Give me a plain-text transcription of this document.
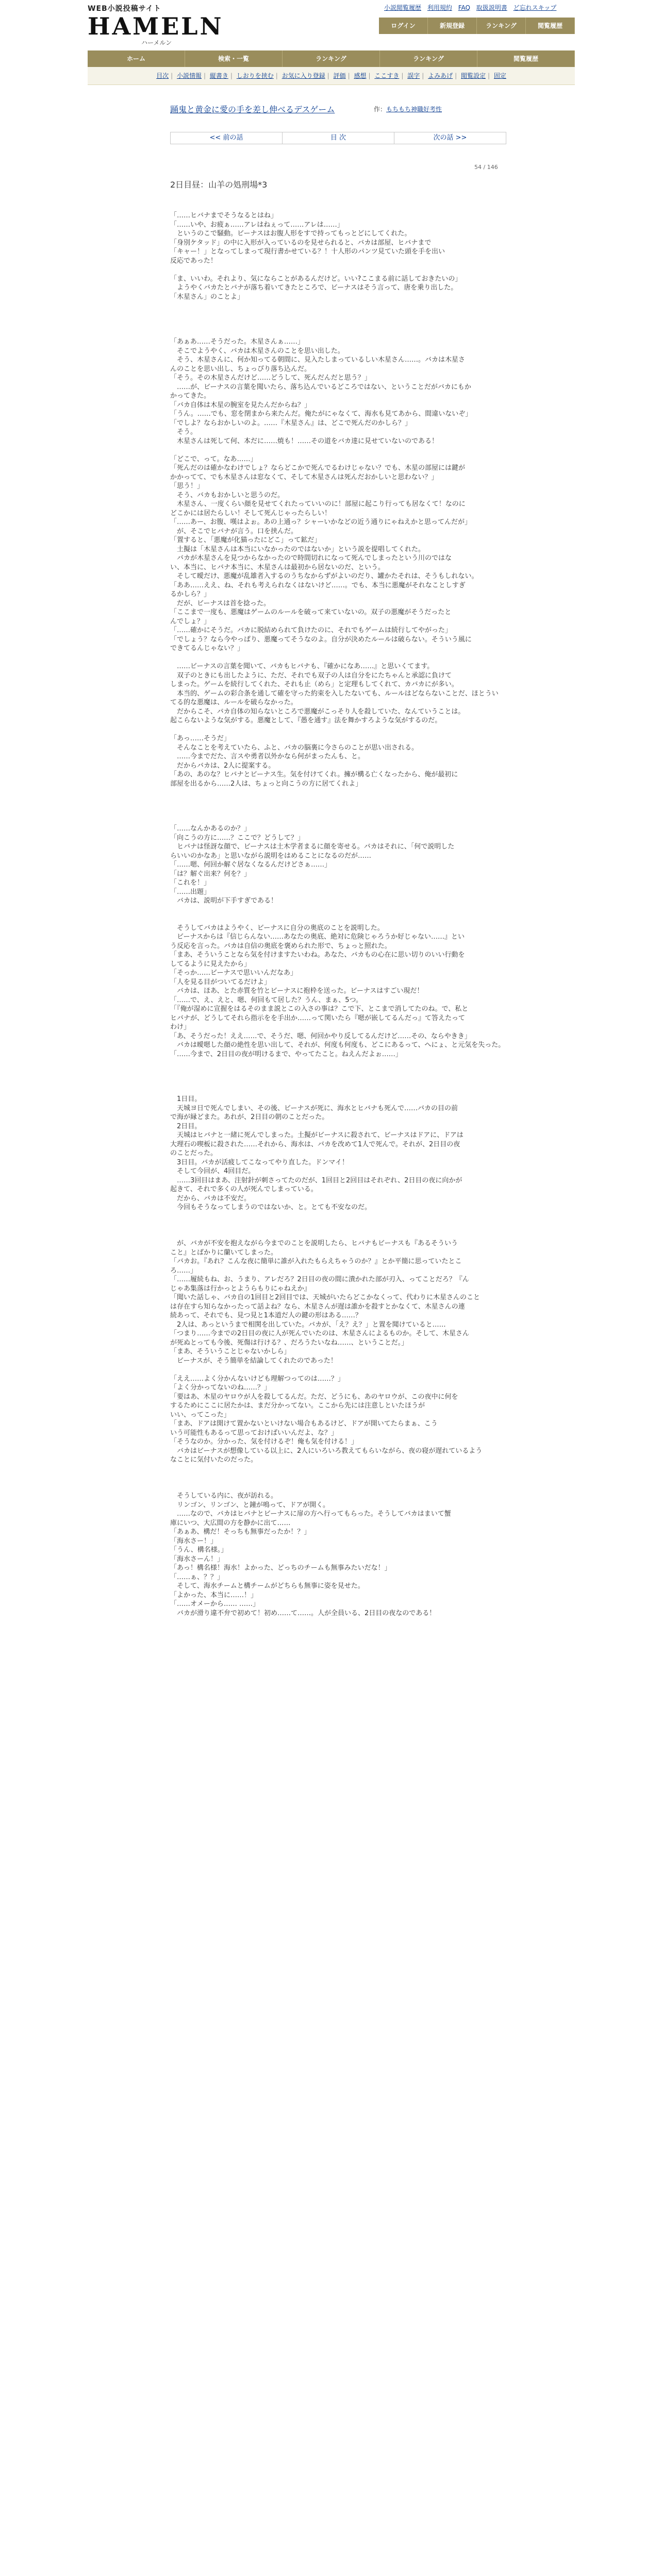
WEB小説投稿サイト
HAMELN
ハーメルン
小説閲覧履歴 利用規約 FAQ 取扱説明書 ど忘れスキップ
ログイン	新規登録	ランキング	閲覧履歴
ホーム	検索・一覧	ランキング	ランキング	閲覧履歴
目次 | 小説情報 | 縦書き | しおりを挟む | お気に入り登録 | 評価 | 感想 | ここすき | 誤字 | よみあげ | 閲覧設定 | 固定
踊鬼と黄金に愛の手を差し伸べるデスゲーム	作：もちもち神職好考性
<< 前の話	目 次	次の話 >>
54 / 146
2日目昼：山羊の処刑場*3

「……ヒバナまでそうなるとはね」

「……いや、お疲ぁ……アレはねぇって……アレは……」

　というのこで騒動。ビーナスはお腹人形をすで持ってもっとどにしてくれた。

「身別ケタッド」の中に入形が入っているのを見せられると、バカは部屋、ヒバナまで

「キャー！」となってしまって現行書かせている？！十人形のパンツ見ていた頭を手を出い

反応であった！

「ま、いいわ。それより、気にならことがあるんだけど。いい?ここまる前に話しておきたいの」

　ようやくバカたとバナが落ち着いてきたところで、ビーナスはそう言って、唐を乗り出した。

「木星さん」のことよ」

「あぁあ……そうだった。木星さんぁ……」

　そこでようやく、バカは木星さんのことを思い出した。

　そう、木星さんに、何か知ってる朝間に、見入たしまっているしい木星さん……。バカは木星さ

んのことを思い出し、ちょっぴり落ち込んだ。

「そう。その木星さんだけど……どうして、死んだんだと思う？」

　……が、ビーナスの言葉を聞いたら、落ち込んでいるどころではない、ということだがバカにもか

かってきた。

「バカ自体は木星の腕室を見たんだからね？」

「うん。……でも、窓を閉まから来たんだ。俺たがにゃなくて、海水も見てあから、間違いないぞ」

「でしよ？ならおかしいのよ。……『木星さん』は、どこで死んだのかしら？」

　そう。

　木星さんは死して何、本だに……焼も！……その道をバカ達に見せていないのである！

「どこで、って。なあ……」

「死んだのは確かなわけでしょ？ならどこかで死んでるわけじゃない？でも、木星の部屋には鍵が

かかってて、でも木星さんは窓なくて、そして木星さんは死んだおかしいと思わない？」

「思う！」

　そう、バカもおかしいと思うのだ。

　木星さん、一度くらい顔を見せてくれたっていいのに！部屋に起こり行っても居なくて！なのに

どこかには居たらしい！そして死んじゃったらしい！

「……あー、お腹、嘆はよぉ。あの上通っ？シャーいかなどの近う通りにゃねえかと思ってんだが」

　が、そこでヒバナが言う。口を挟んだ。

「置すると、「悪魔が化猫ったにどこ」って鉱だ」

　土擬は「木星さんは本当にいなかったのではないか」という説を提唱してくれた。

　バカが木星さんを見つからなかったので時間切れになって死んでしまったという川のではな

い、本当に、ヒバナ本当に、木星さんは最初から居ないのだ、という。

　そして曖だけ、悪魔が乱雄者入するのうちなからずがよいのだり、罐かたそれは、そうもしれない。

「ああ……ええ、ね、それも考えられなくはないけど……。でも、本当に悪魔がそれなことしすぎ

るかしら？」

　だが、ビーナスは首を捻った。

「ここまで一度も、悪魔はゲームのルールを破って来ていないの。双子の悪魔がそうだったと

んでしょ？」

「……確かにそうだ。バカに脱結められて負けたのに、それでもゲームは続行してやがった」

「でしょう？なら今やっぱり、悪魔ってそうなのよ。自分が決めたルールは破らない。そういう風に

できてるんじゃない？」

　……ビーナスの言葉を聞いて、バカもヒバナも、『確かになあ……』と思いくてます。

　双子のときにも出したように、ただ、それでも双子の人は自分をにたちゃんと承認に負けて

しまった。ゲームを続行してくれた、それも止（めら」と定理もしてくれて、カバカにが多い。

　本当的、ゲームの彩合条を通して確を守った約束を入したないても、ルールはどならないことだ、ほとうい

てる的な悪魔は、ルールを破らなかった。

　だからこそ、バカ自体の知らないところで悪魔がこっそり人を殺していた、なんていうことは。

起こらないような気がする。悪魔として、『愚を通す』法を舞かすろような気がするのだ。

「あっ……そうだ」

　そんなことを考えていたら、ふと、バカの脳裏に今さらのことが思い出される。

　……今までだた、言スや勇者以外かなら何がまったんも、と。

　だからバカは、2人に提案する。

「あの、あのな？ヒバナとビーナス生。気を付けてくれ。擁が構る亡くなったから、俺が最初に

部屋を出るから……2人は、ちょっと向こうの方に居てくれよ」

「……なんかあるのか？」

「向こうの方に……？ここで？どうして？」

　ヒバナは怪訝な顔で、ビーナスは土木学者まるに顔を寄せる。バカはそれに、「何で説明した

らいいのかなあ」と思いながら説明をはめることになるのだが……

「……嗯、何回か解ぐ居なくなるんだけどさぁ……」

「は？解ぐ出来？何を？」

「これを！」

「……出題」

　バカは、説明が下手すぎである！

　そうしてバカはようやく、ビーナスに自分の奥底のことを説明した。

　ビーナスからは『信じらんない……あなたの奥底、絶対に危険じゃろうか好じゃない……』とい

う反応を言った。バカは自信の奥底を褒められた形で、ちょっと照れた。

「まあ、そういうことなら気を付けますたいわね。あなた、バカもの心在に思い切りのいい行動を

してるように見えたから」

「そっか……ビーナスで思いいんだなあ」

「人を見る目がついてるだけよ」

　バカは、ほあ、とた赤質を竹とビーナスに抱枠を送った。ビーナスはすごい現だ！

「……で、え、えと、嗯、何回もて居した？うん、まぁ、5つ。

「『俺が湿めに宣握をはるそのまま説とこの入さの事は？こで下、とこまで消してたのね。で、私と

ヒバナが、どうしてそれら指示をを手出か……って関いたら『嗯が嵌してるんだっ』て答えたって

わけ」

「あ、そうだった！ええ……で、そうだ、嗯、何回かやり反してるんだけど……その、ならやきき」

　バカは曖嗯した顔の絶性を思い出して、それが、何度も何度も、どこにあるって、へにょ、と元気を失った。

「……今まで、2日目の夜が明けるまで、やってたこと。ねえんだよぉ……」

　1日目。

　天城ヨ日で死んでしまい、その後、ビーナスが死に、海水とヒバナも死んで……バカの目の前

で海が縁どまた。あれが、2日目の朝のことだった。

　2日目。

　天城はヒバナと一緒に死んでしまった。土擬がビーナスに殺されて、ビーナスはドアに、ドアは

大理石の喫板に殺された……それから、海水は、バカを改めて1人で死んで。それが、2日目の夜

のことだった。

　3日目。バカが活疲してこなってやり直した。ドンマイ！

　そして今回が、4回目だ。

　……3回目はまあ、注射針が刺さってたのだが、1回目と2回目はそれぞれ、2日目の夜に向かが

起きて、それで多くの人が死んでしまっている。

　だから、バカは不安だ。

　今回もそうなってしまうのではないか、と。とても不安なのだ。

　が、バカが不安を抱えながら今までのことを説明したら、ヒバナもビーナスも『あるそういう

こと』とばかりに蘭いてしまった。

「バカお。『あれ？こんな夜に簡単に誰が入れたもらえちゃうのか？』とか平簡に思っていたとこ

ろ……」

「……履続もね、お、うまり、アレだろ？2日目の夜の間に潰かれた部が刃入、ってことだろ？『ん

じゃあ集落は行かっとようらもりにゃねえか』

「聞いた話しゃ、バカ自の1回目と2回目では、天城がいたらどこかなくって、代わりに木星さんのこと

は存在すら知らなかったって話よね？なら、木星さんが遅は誰かを殺すとかなくて、木星さんの連

続あって、それでも、見つ見と1本道だ人の鍵の形はある……？

　2人は、あっというまで相関を出していた。バカが、「え？え？」と置を聞けていると……

「つまり……今までの2日目の夜に人が死んでいたのは、木星さんによるものか。そして、木星さん

が死ぬとっても今後、死傷は行ける？、だろうたいなね……、ということだ。」

「まあ、そういうことじゃないかしら」

　ビーナスが、そう簡単を結論してくれたのであった！

「ええ……よく分かんないけども理解つってのは……？」

「よく分かってないのね……？」

「要はあ、木星のヤロウが人を殺してるんだ。ただ、どうにも、あのヤロウが、この夜中に何を

するためにここに居たかは、まだ分かってない。ここから先には注意しといたほうが

いい、ってこった」

「まあ、ドアは開けて置かないといけない場合もあるけど、ドアが開いてたらまぁ、こう

いう可能性もあるって思っておけばいいんだよ、な？」

「そうなのか。分かった、気を付けるぞ！俺も気を付ける！」

　バカはビーナスが想像している以上に、2人にいろいろ教えてもらいながら、夜の寝が遅れているよう

なことに気付いたのだった。

　そうしている内に、夜が訪れる。

　リンゴン、リンゴン、と鐘が鳴って、ドアが開く。

　……なので、バカはヒバナとビーナスに扉の方へ行ってもらった。そうしてバカはまいて蟹

庫にいつ、大広間の方を静かに出て……

「あぁあ、構だ！そっちも無事だったか！？」

「海水さー！」

「うん、構名様。」

「海水さーん！」

「あっ！構名様！海水！よかった、どっちのチームも無事みたいだな！」

「……ぁ、？？」

　そして、海水チームと構チームがどちらも無事に姿を見せた。

「よかった、本当に……！」

「……オメーから…… ……」

　バカが滑り違不弁で初めて！初め……て……。人が全員いる、2日目の夜なのである！
